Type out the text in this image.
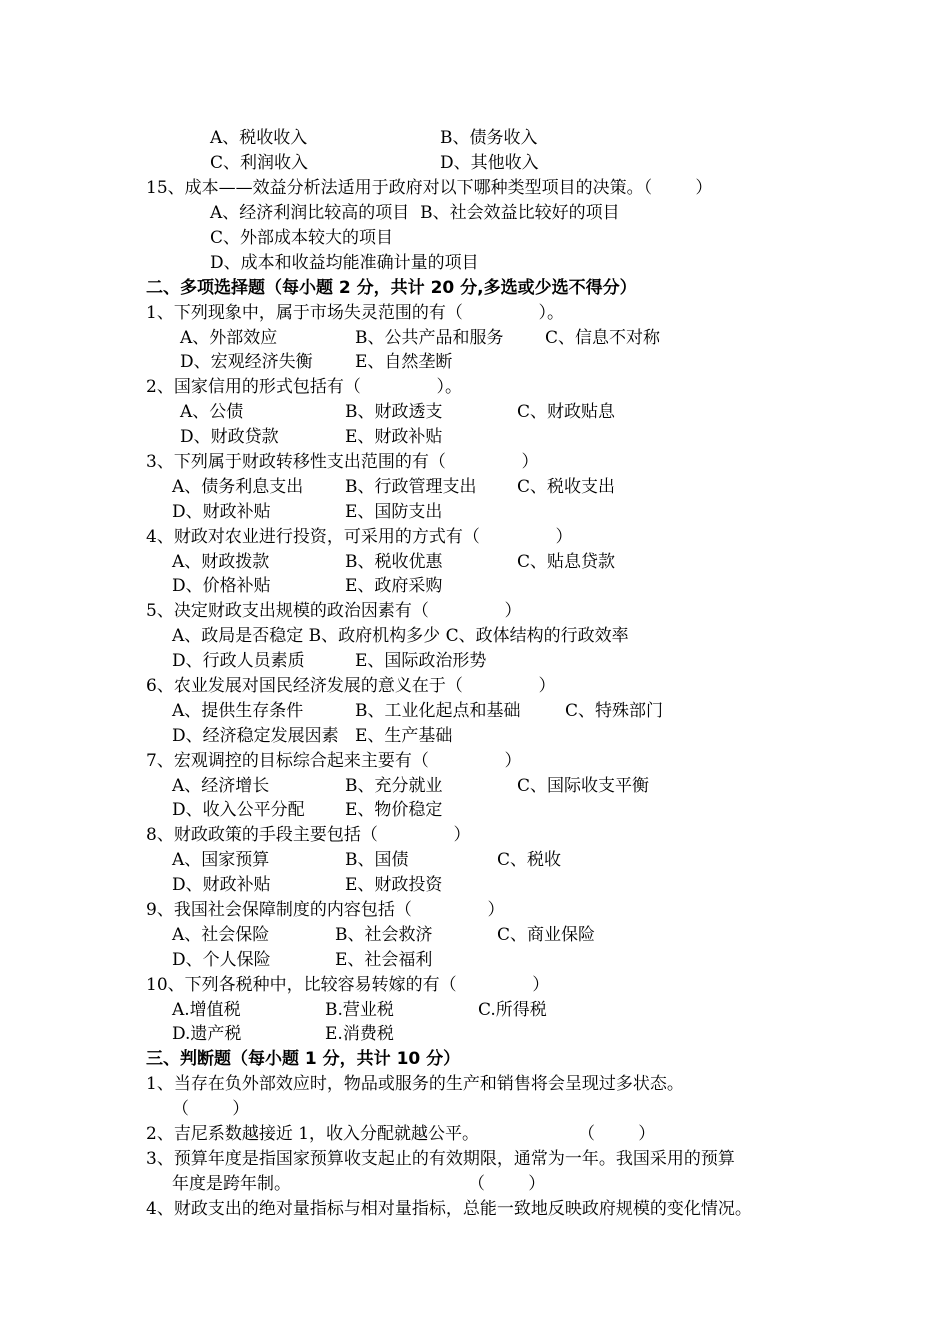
A、税收收入	B、债务收入
C、利润收入	D、其他收入
15、成本——效益分析法适用于政府对以下哪种类型项目的决策。（        ）
A、经济利润比较高的项目  B、社会效益比较好的项目
C、外部成本较大的项目
D、成本和收益均能准确计量的项目
二、多项选择题（每小题 2 分，共计 20 分,多选或少选不得分）
1、下列现象中，属于市场失灵范围的有（              ）。
A、外部效应	B、公共产品和服务 C、信息不对称
D、宏观经济失衡 E、自然垄断
2、国家信用的形式包括有（              ）。
A、公债	B、财政透支	C、财政贴息
D、财政贷款	E、财政补贴
3、下列属于财政转移性支出范围的有（              ）
A、债务利息支出 B、行政管理支出 C、税收支出
D、财政补贴	E、国防支出
4、财政对农业进行投资，可采用的方式有（              ）
A、财政拨款	B、税收优惠	C、贴息贷款
D、价格补贴	E、政府采购
5、决定财政支出规模的政治因素有（              ）
A、政局是否稳定 B、政府机构多少 C、政体结构的行政效率
D、行政人员素质	E、国际政治形势
6、农业发展对国民经济发展的意义在于（              ）
A、提供生存条件	B、工业化起点和基础	C、特殊部门
D、经济稳定发展因素 E、生产基础
7、宏观调控的目标综合起来主要有（              ）
A、经济增长	B、充分就业	C、国际收支平衡
D、收入公平分配 E、物价稳定
8、财政政策的手段主要包括（              ）
A、国家预算	B、国债	C、税收
D、财政补贴	E、财政投资
9、我国社会保障制度的内容包括（              ）
A、社会保险	B、社会救济	C、商业保险
D、个人保险	E、社会福利
10、下列各税种中，比较容易转嫁的有（              ）
A.增值税	B.营业税	C.所得税
D.遗产税	E.消费税
三、判断题（每小题 1 分，共计 10 分）
1、当存在负外部效应时，物品或服务的生产和销售将会呈现过多状态。
（        ）
2、吉尼系数越接近 1，收入分配就越公平。	（        ）
3、预算年度是指国家预算收支起止的有效期限，通常为一年。我国采用的预算
年度是跨年制。	（        ）
4、财政支出的绝对量指标与相对量指标，总能一致地反映政府规模的变化情况。
